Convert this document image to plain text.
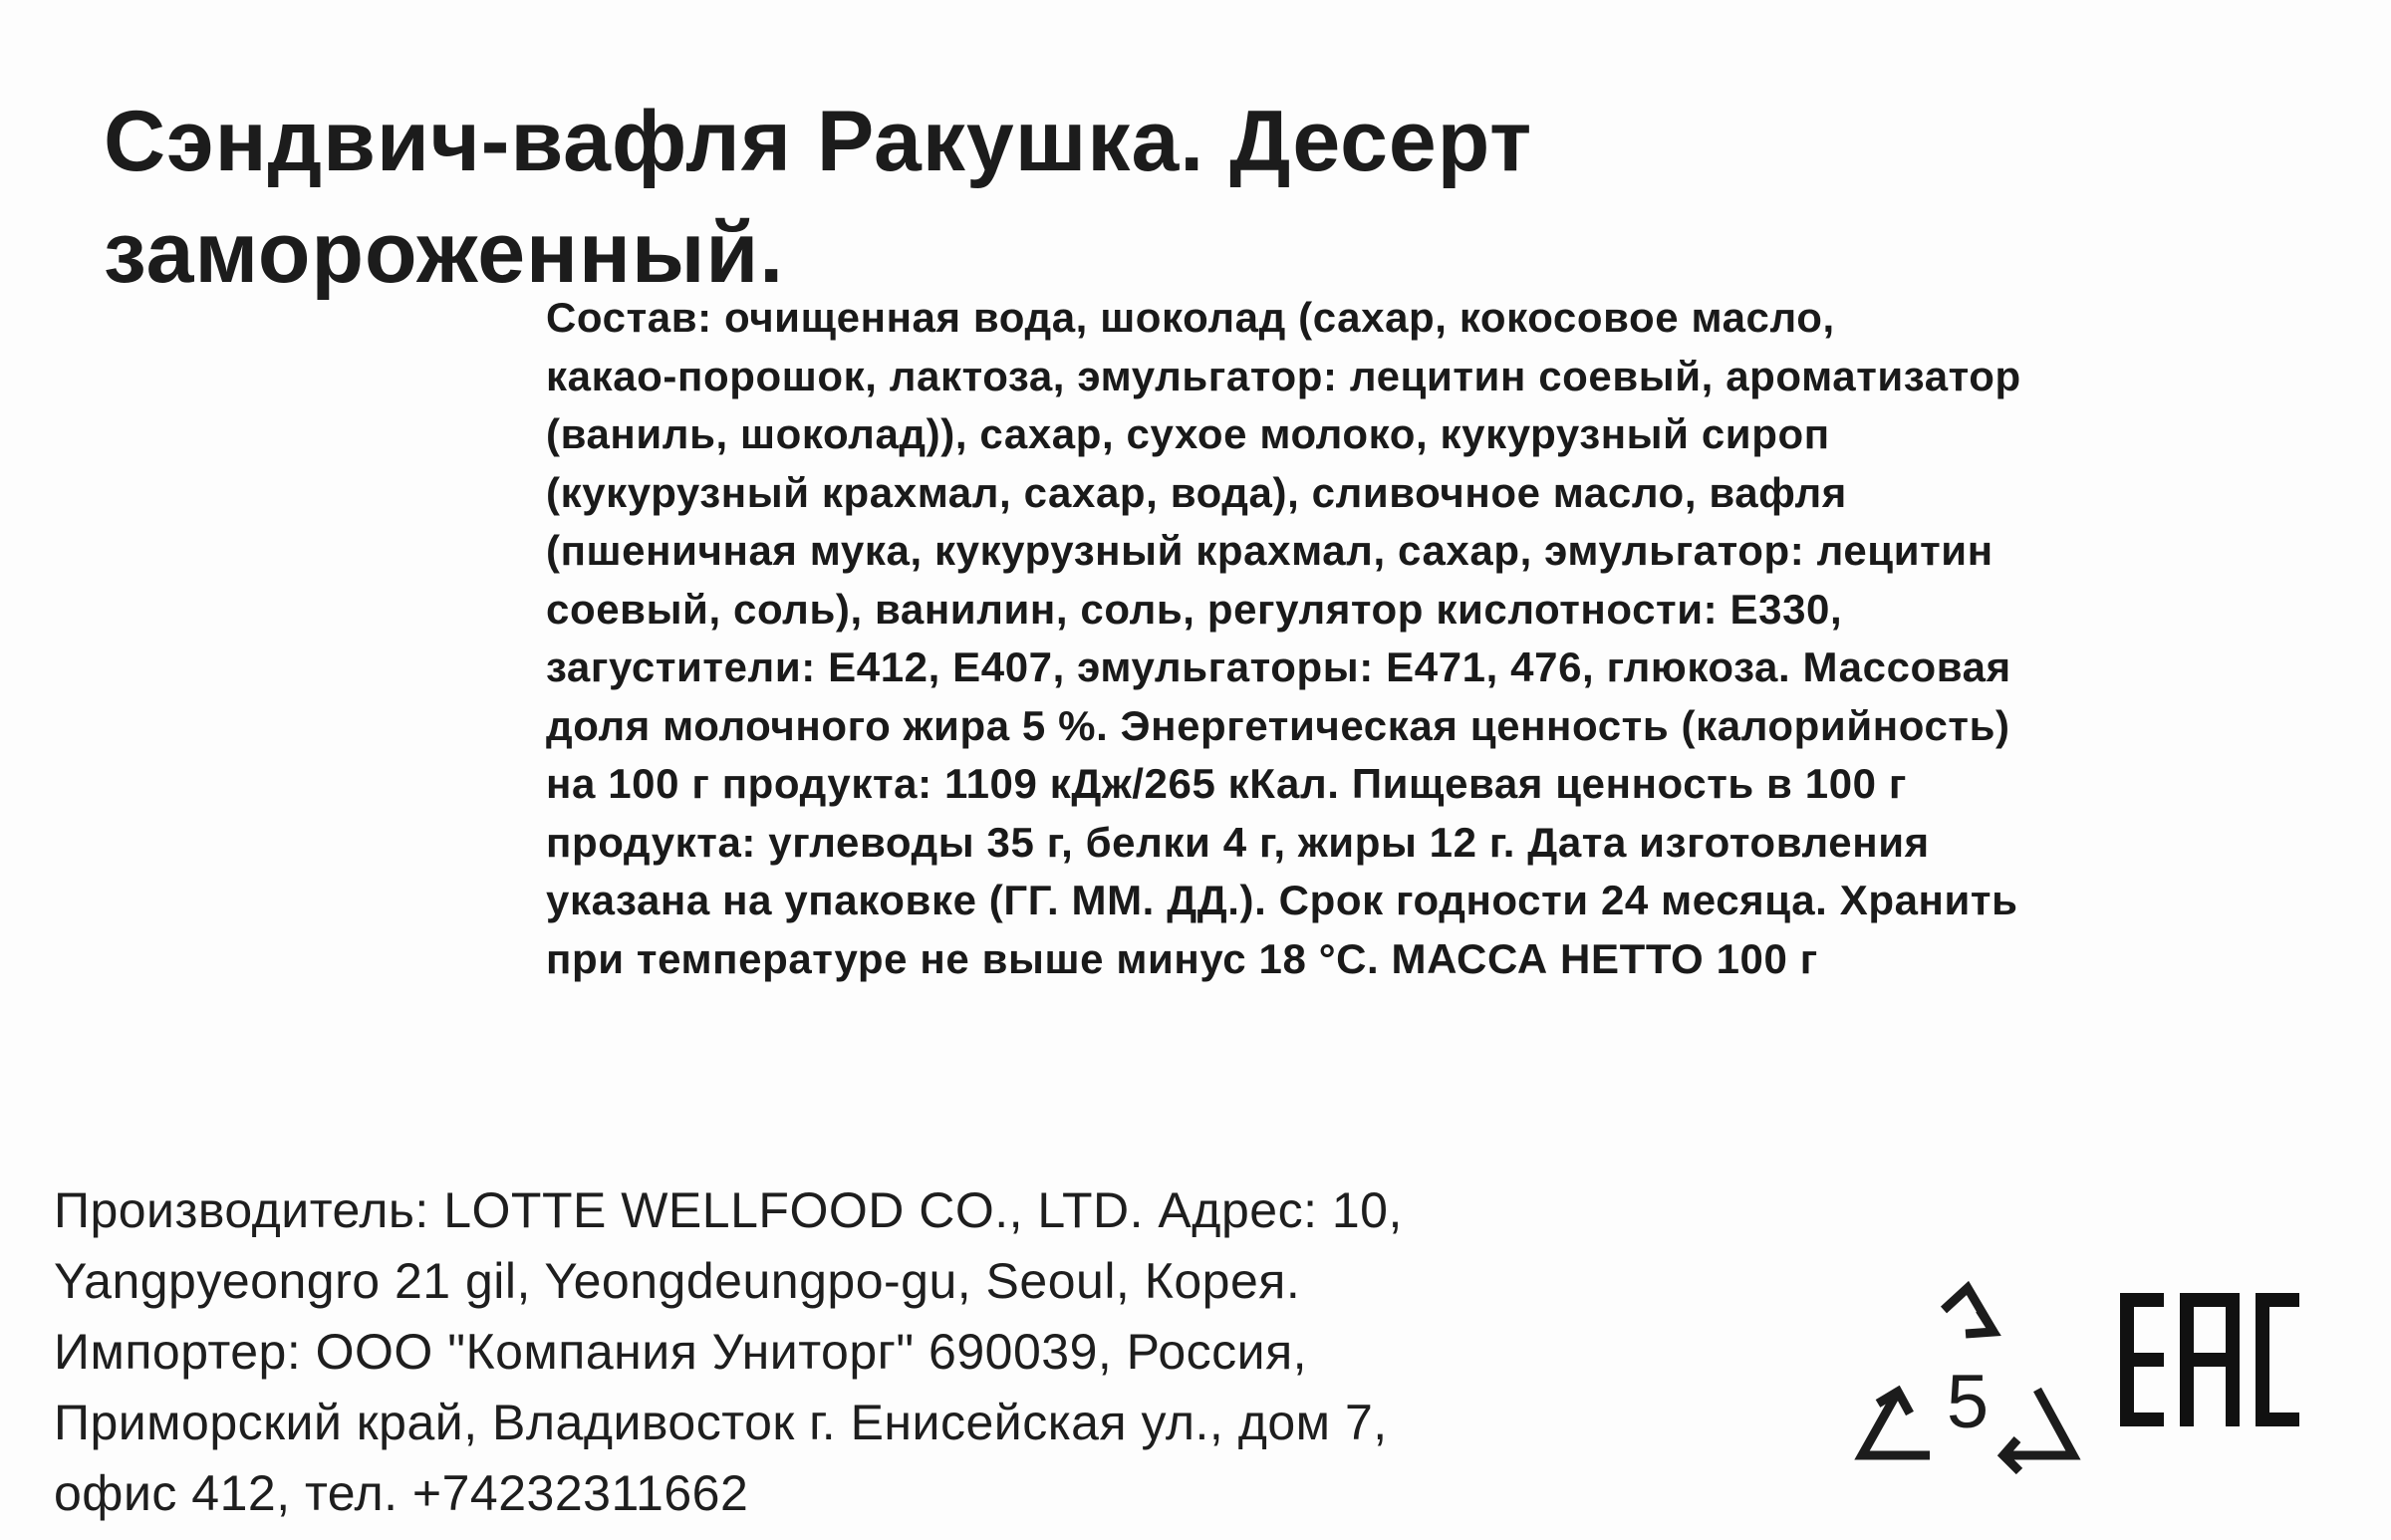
Сэндвич-вафля Ракушка. Десерт
замороженный.
Состав: очищенная вода, шоколад (сахар, кокосовое масло,
какао-порошок, лактоза, эмульгатор: лецитин соевый, ароматизатор
(ваниль, шоколад)), сахар, сухое молоко, кукурузный сироп
(кукурузный крахмал, сахар, вода), сливочное масло, вафля
(пшеничная мука, кукурузный крахмал, сахар, эмульгатор: лецитин
соевый, соль), ванилин, соль, регулятор кислотности: E330,
загустители: E412, E407, эмульгаторы: E471, 476, глюкоза. Массовая
доля молочного жира 5 %. Энергетическая ценность (калорийность)
на 100 г продукта: 1109 кДж/265 кКал. Пищевая ценность в 100 г
продукта: углеводы 35 г, белки 4 г, жиры 12 г. Дата изготовления
указана на упаковке (ГГ. ММ. ДД.). Срок годности 24 месяца. Хранить
при температуре не выше минус 18 °С. МАССА НЕТТО 100 г
Производитель: LOTTE WELLFOOD CO., LTD. Адрес: 10,
Yangpyeongro 21 gil, Yeongdeungpo-gu, Seoul, Корея.
Импортер: ООО "Компания Униторг" 690039, Россия,
Приморский край, Владивосток г. Енисейская ул., дом 7,
офис 412, тел. +74232311662
5
